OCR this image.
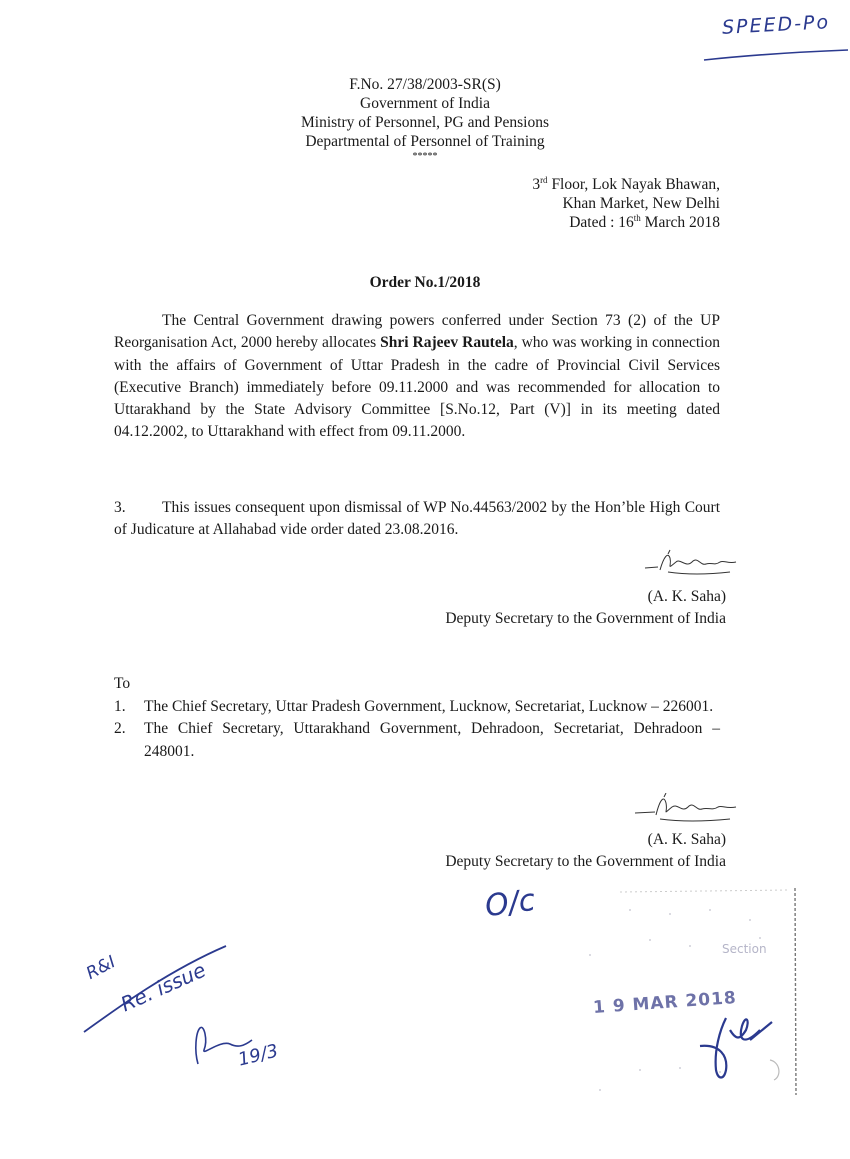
SPEED-Po
F.No. 27/38/2003-SR(S)
Government of India
Ministry of Personnel, PG and Pensions
Departmental of Personnel of Training
*****
3rd Floor, Lok Nayak Bhawan,
Khan Market, New Delhi
Dated : 16th March 2018
Order No.1/2018
The Central Government drawing powers conferred under Section 73 (2) of the UP Reorganisation Act, 2000 hereby allocates Shri Rajeev Rautela, who was working in connection with the affairs of Government of Uttar Pradesh in the cadre of Provincial Civil Services (Executive Branch) immediately before 09.11.2000 and was recommended for allocation to Uttarakhand by the State Advisory Committee [S.No.12, Part (V)] in its meeting dated 04.12.2002, to Uttarakhand with effect from 09.11.2000.
3. This issues consequent upon dismissal of WP No.44563/2002 by the Hon’ble High Court of Judicature at Allahabad vide order dated 23.08.2016.
(A. K. Saha)
Deputy Secretary to the Government of India
To
1. The Chief Secretary, Uttar Pradesh Government, Lucknow, Secretariat, Lucknow – 226001.
2. The Chief Secretary, Uttarakhand Government, Dehradoon, Secretariat, Dehradoon – 248001.
(A. K. Saha)
Deputy Secretary to the Government of India
Section
1 9 MAR 2018
O/c
R&I
Re. issue
19/3
